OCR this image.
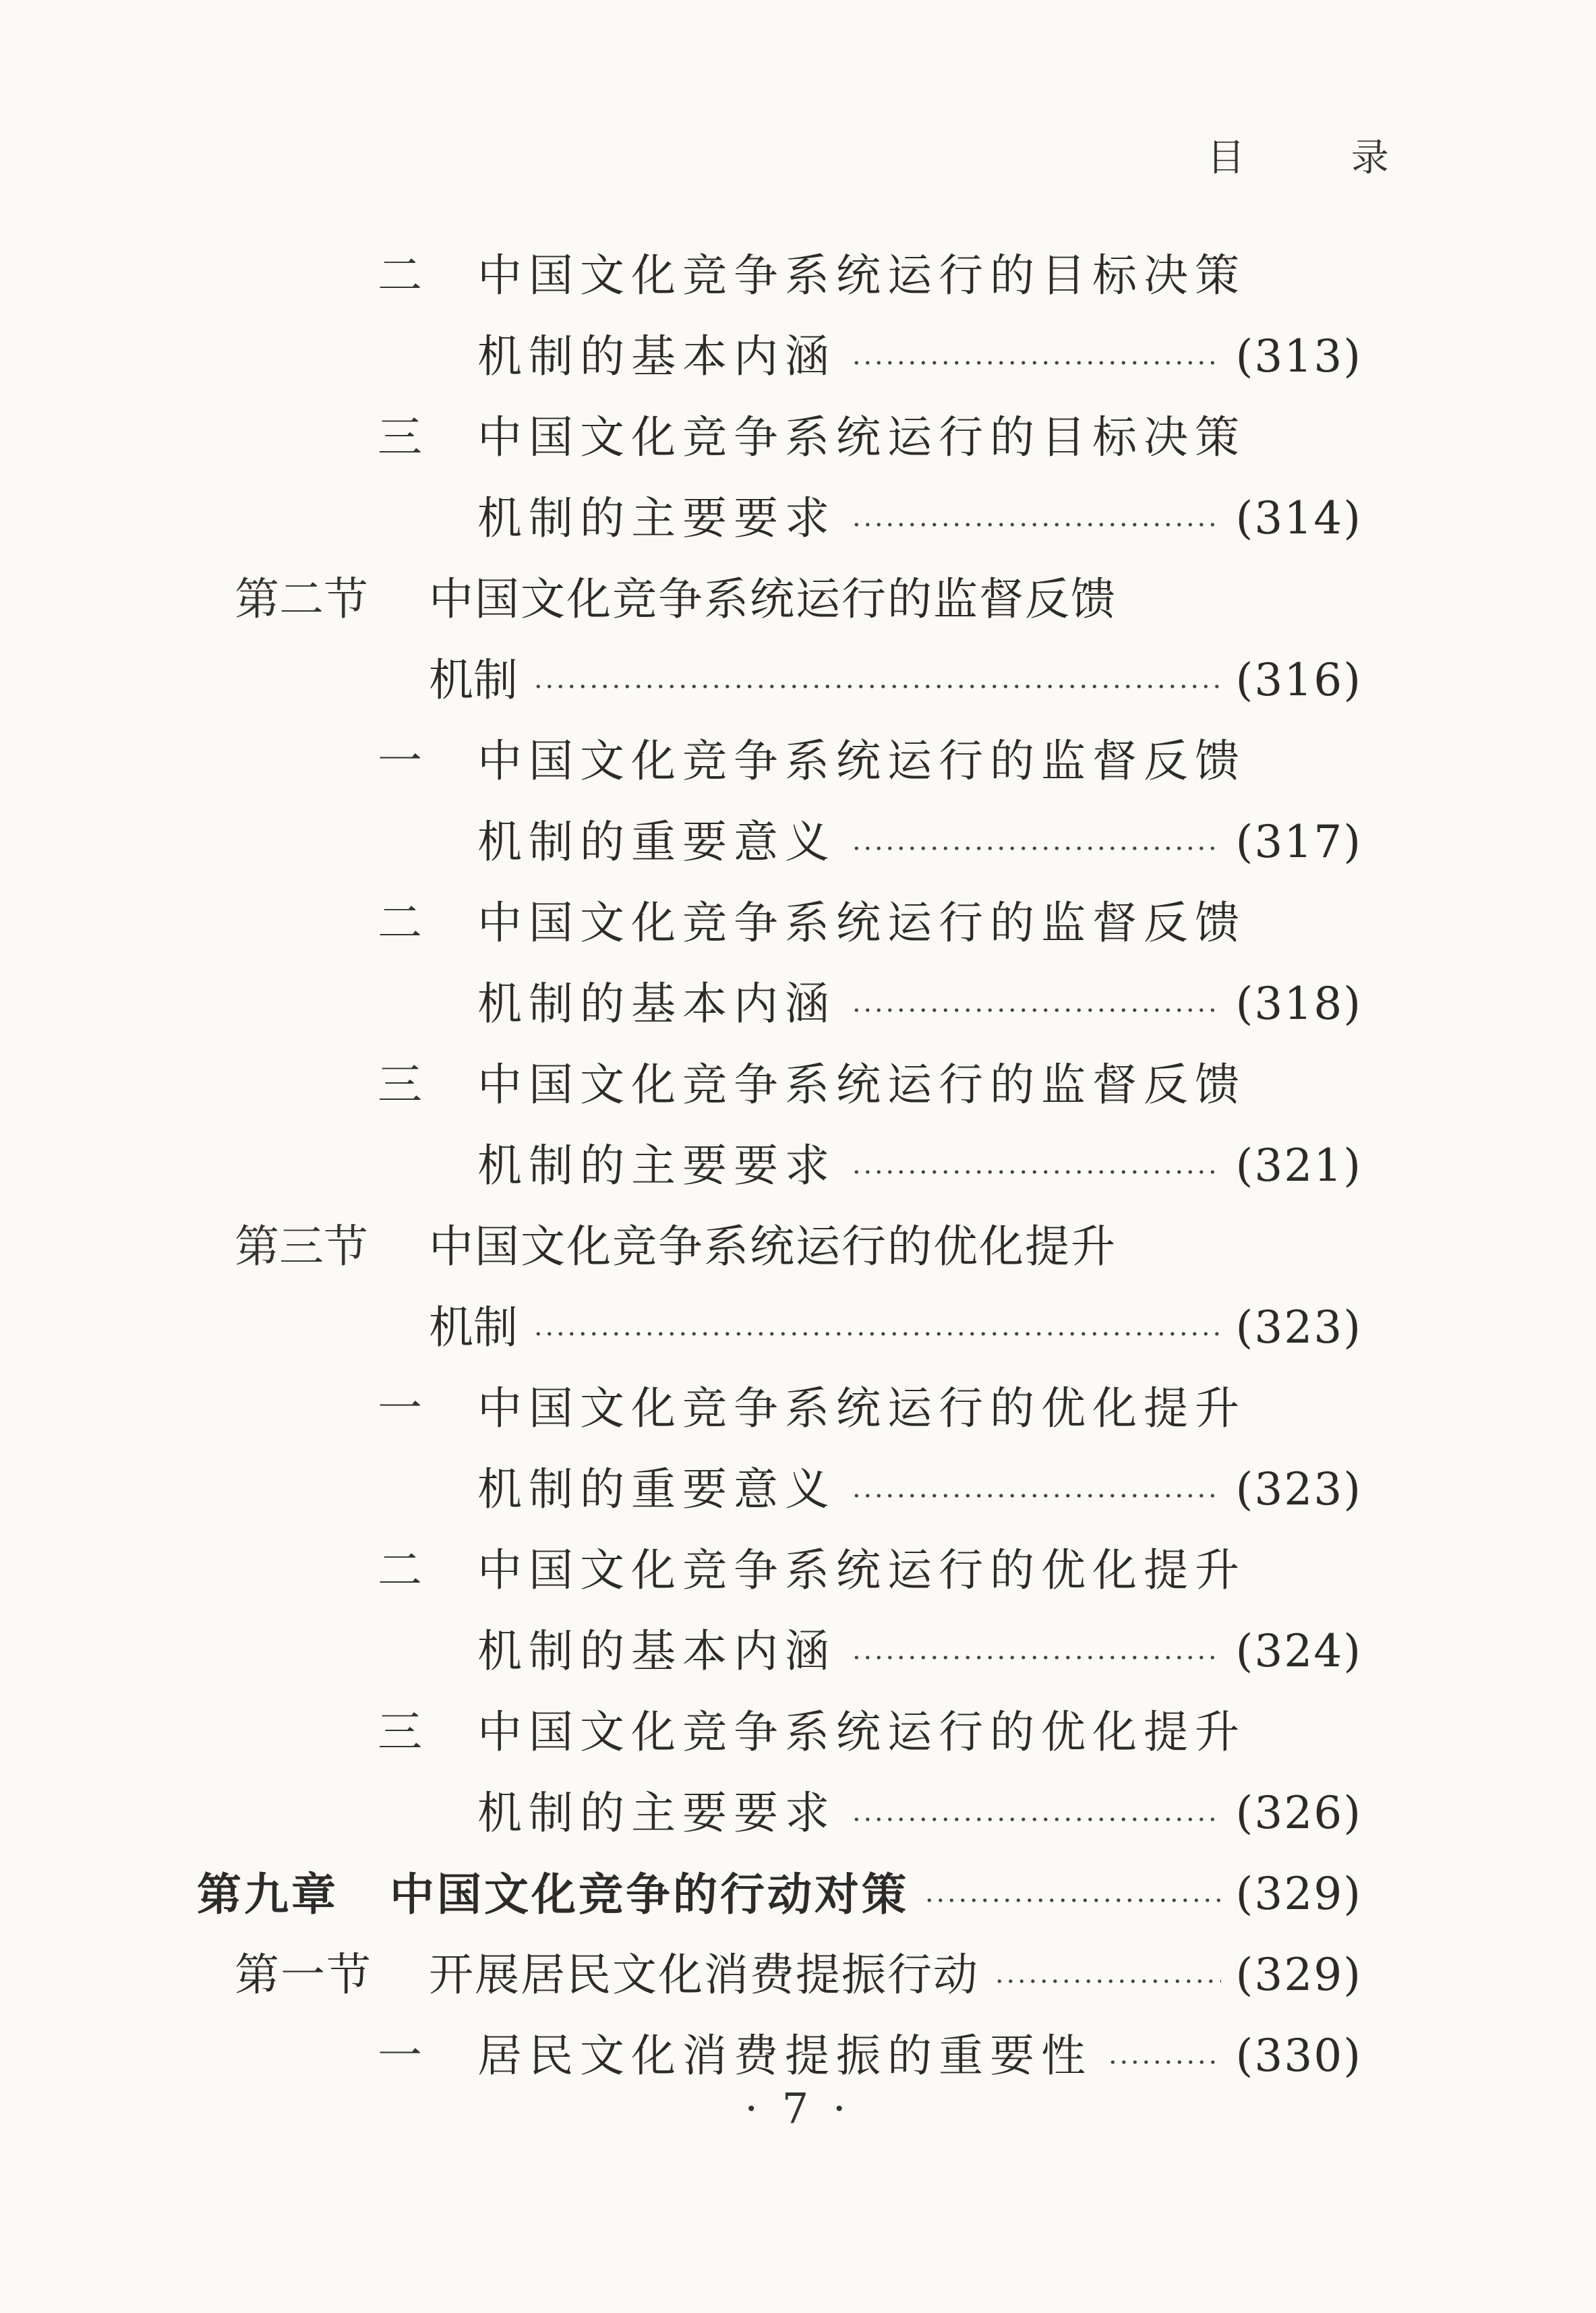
目 录
二 中国文化竞争系统运行的目标决策
机制的基本内涵	(313)
三 中国文化竞争系统运行的目标决策
机制的主要要求	(314)
第二节 中国文化竞争系统运行的监督反馈
机制	(316)
一 中国文化竞争系统运行的监督反馈
机制的重要意义	(317)
二 中国文化竞争系统运行的监督反馈
机制的基本内涵	(318)
三 中国文化竞争系统运行的监督反馈
机制的主要要求	(321)
第三节 中国文化竞争系统运行的优化提升
机制	(323)
一 中国文化竞争系统运行的优化提升
机制的重要意义	(323)
二 中国文化竞争系统运行的优化提升
机制的基本内涵	(324)
三 中国文化竞争系统运行的优化提升
机制的主要要求	(326)
第九章	中国文化竞争的行动对策	(329)
第一节	开展居民文化消费提振行动	(329)
一 居民文化消费提振的重要性	(330)
· 7 ·
